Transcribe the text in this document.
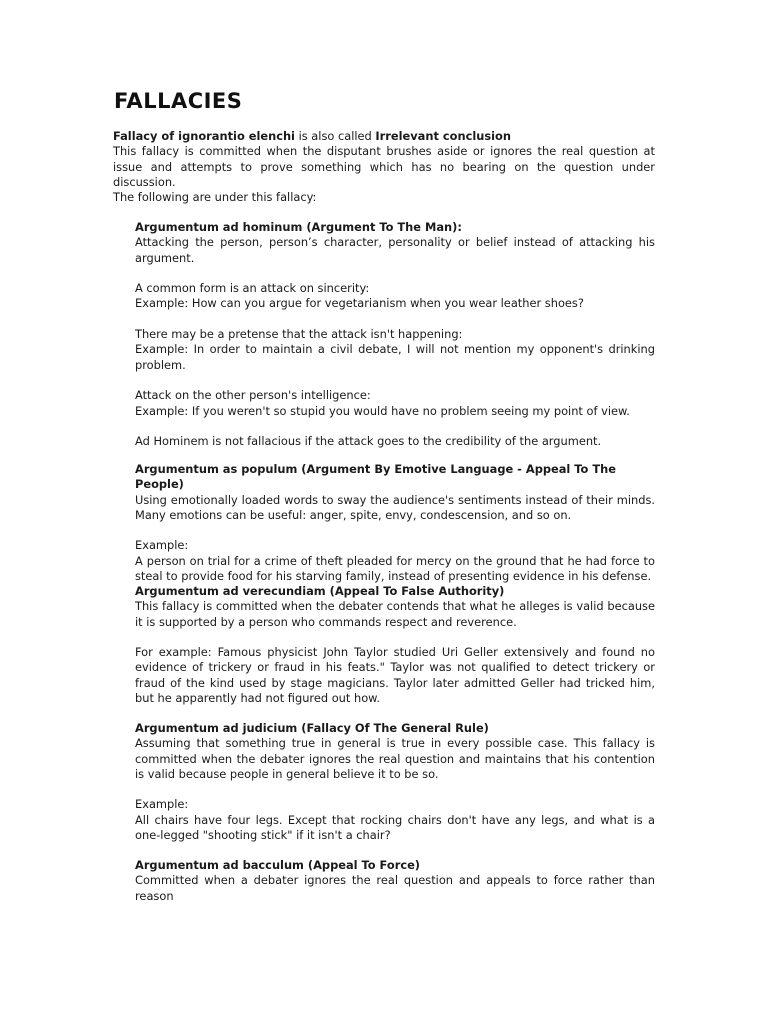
FALLACIES

Fallacy of ignorantio elenchi is also called Irrelevant conclusion
This fallacy is committed when the disputant brushes aside or ignores the real question at issue and attempts to prove something which has no bearing on the question under discussion.

The following are under this fallacy:

Argumentum ad hominum (Argument To The Man):
Attacking the person, person’s character, personality or belief instead of attacking his argument.
A common form is an attack on sincerity:
Example: How can you argue for vegetarianism when you wear leather shoes?
There may be a pretense that the attack isn't happening:
Example: In order to maintain a civil debate, I will not mention my opponent's drinking problem.
Attack on the other person's intelligence:
Example: If you weren't so stupid you would have no problem seeing my point of view.
Ad Hominem is not fallacious if the attack goes to the credibility of the argument.
Argumentum as populum (Argument By Emotive Language - Appeal To The People)
Using emotionally loaded words to sway the audience's sentiments instead of their minds. Many emotions can be useful: anger, spite, envy, condescension, and so on.
Example:
A person on trial for a crime of theft pleaded for mercy on the ground that he had force to steal to provide food for his starving family, instead of presenting evidence in his defense.
Argumentum ad verecundiam (Appeal To False Authority)
This fallacy is committed when the debater contends that what he alleges is valid because it is supported by a person who commands respect and reverence.
For example: Famous physicist John Taylor studied Uri Geller extensively and found no evidence of trickery or fraud in his feats." Taylor was not qualified to detect trickery or fraud of the kind used by stage magicians. Taylor later admitted Geller had tricked him, but he apparently had not figured out how.
Argumentum ad judicium (Fallacy Of The General Rule)
Assuming that something true in general is true in every possible case. This fallacy is committed when the debater ignores the real question and maintains that his contention is valid because people in general believe it to be so.
Example:
All chairs have four legs. Except that rocking chairs don't have any legs, and what is a one-legged "shooting stick" if it isn't a chair?
Argumentum ad bacculum (Appeal To Force)
Committed when a debater ignores the real question and appeals to force rather than reason
